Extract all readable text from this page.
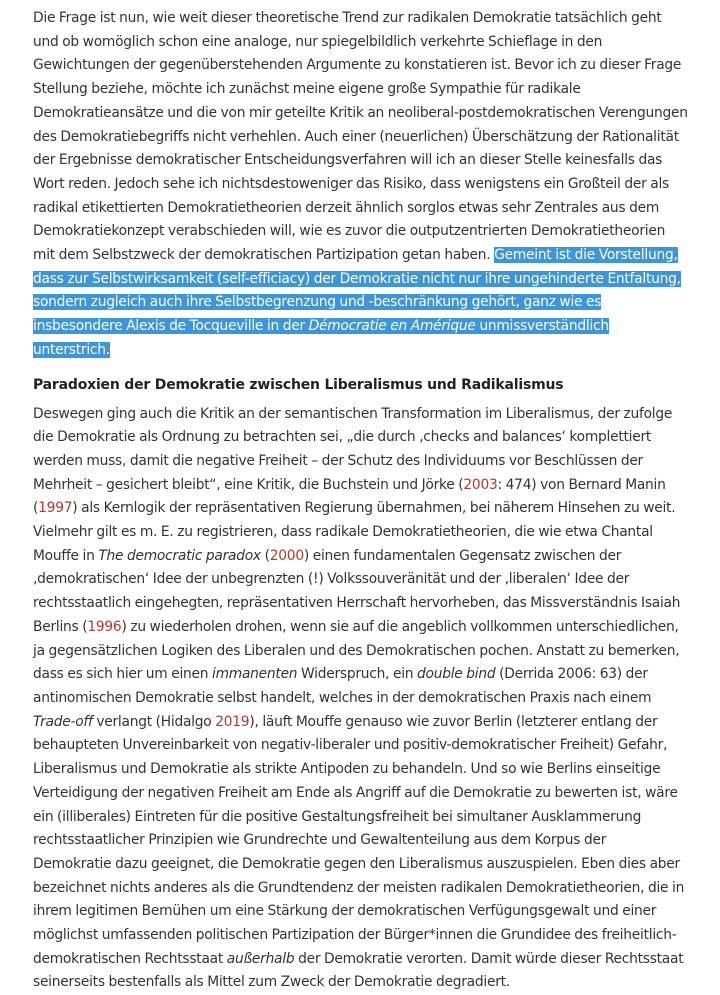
Die Frage ist nun, wie weit dieser theoretische Trend zur radikalen Demokratie tatsächlich geht und ob womöglich schon eine analoge, nur spiegelbildlich verkehrte Schieflage in den Gewichtungen der gegenüberstehenden Argumente zu konstatieren ist. Bevor ich zu dieser Frage Stellung beziehe, möchte ich zunächst meine eigene große Sympathie für radikale Demokratieansätze und die von mir geteilte Kritik an neoliberal-postdemokratischen Verengungen des Demokratiebegriffs nicht verhehlen. Auch einer (neuerlichen) Überschätzung der Rationalität der Ergebnisse demokratischer Entscheidungsverfahren will ich an dieser Stelle keinesfalls das Wort reden. Jedoch sehe ich nichtsdestoweniger das Risiko, dass wenigstens ein Großteil der als radikal etikettierten Demokratietheorien derzeit ähnlich sorglos etwas sehr Zentrales aus dem Demokratiekonzept verabschieden will, wie es zuvor die outputzentrierten Demokratietheorien mit dem Selbstzweck der demokratischen Partizipation getan haben. Gemeint ist die Vorstellung, dass zur Selbstwirksamkeit (self-efficiacy) der Demokratie nicht nur ihre ungehinderte Entfaltung, sondern zugleich auch ihre Selbstbegrenzung und -beschränkung gehört, ganz wie es insbesondere Alexis de Tocqueville in der Démocratie en Amérique unmissverständlich unterstrich.

Paradoxien der Demokratie zwischen Liberalismus und Radikalismus

Deswegen ging auch die Kritik an der semantischen Transformation im Liberalismus, der zufolge die Demokratie als Ordnung zu betrachten sei, „die durch ‚checks and balances‘ komplettiert werden muss, damit die negative Freiheit – der Schutz des Individuums vor Beschlüssen der Mehrheit – gesichert bleibt“, eine Kritik, die Buchstein und Jörke (2003: 474) von Bernard Manin (1997) als Kernlogik der repräsentativen Regierung übernahmen, bei näherem Hinsehen zu weit. Vielmehr gilt es m. E. zu registrieren, dass radikale Demokratietheorien, die wie etwa Chantal Mouffe in The democratic paradox (2000) einen fundamentalen Gegensatz zwischen der ‚demokratischen‘ Idee der unbegrenzten (!) Volkssouveränität und der ‚liberalen‘ Idee der rechtsstaatlich eingehegten, repräsentativen Herrschaft hervorheben, das Missverständnis Isaiah Berlins (1996) zu wiederholen drohen, wenn sie auf die angeblich vollkommen unterschiedlichen, ja gegensätzlichen Logiken des Liberalen und des Demokratischen pochen. Anstatt zu bemerken, dass es sich hier um einen immanenten Widerspruch, ein double bind (Derrida 2006: 63) der antinomischen Demokratie selbst handelt, welches in der demokratischen Praxis nach einem Trade-off verlangt (Hidalgo 2019), läuft Mouffe genauso wie zuvor Berlin (letzterer entlang der behaupteten Unvereinbarkeit von negativ-liberaler und positiv-demokratischer Freiheit) Gefahr, Liberalismus und Demokratie als strikte Antipoden zu behandeln. Und so wie Berlins einseitige Verteidigung der negativen Freiheit am Ende als Angriff auf die Demokratie zu bewerten ist, wäre ein (illiberales) Eintreten für die positive Gestaltungsfreiheit bei simultaner Ausklammerung rechtsstaatlicher Prinzipien wie Grundrechte und Gewaltenteilung aus dem Korpus der Demokratie dazu geeignet, die Demokratie gegen den Liberalismus auszuspielen. Eben dies aber bezeichnet nichts anderes als die Grundtendenz der meisten radikalen Demokratietheorien, die in ihrem legitimen Bemühen um eine Stärkung der demokratischen Verfügungsgewalt und einer möglichst umfassenden politischen Partizipation der Bürger*innen die Grundidee des freiheitlich-demokratischen Rechtsstaat außerhalb der Demokratie verorten. Damit würde dieser Rechtsstaat seinerseits bestenfalls als Mittel zum Zweck der Demokratie degradiert.
